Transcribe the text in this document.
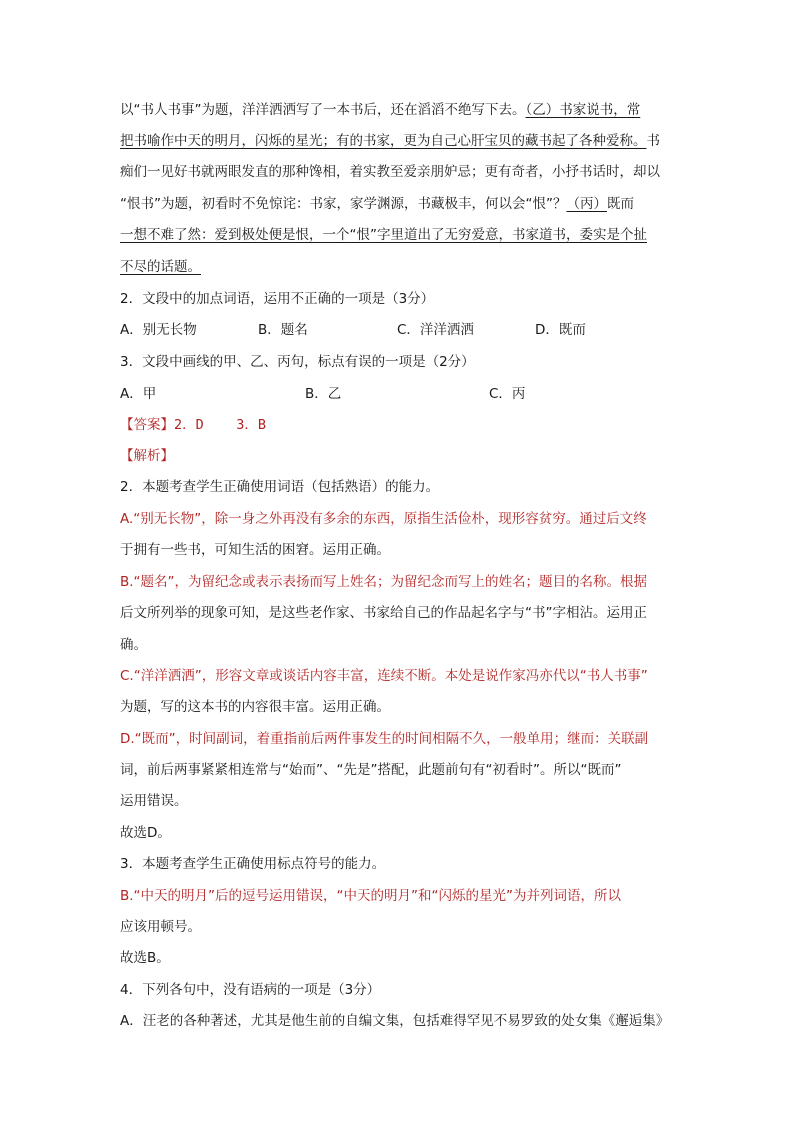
以“书人书事”为题，洋洋洒洒写了一本书后，还在滔滔不绝写下去。（乙）书家说书，常
把书喻作中天的明月，闪烁的星光；有的书家，更为自己心肝宝贝的藏书起了各种爱称。书
痴们一见好书就两眼发直的那种馋相，着实教至爱亲朋妒忌；更有奇者，小抒书话时，却以
“恨书”为题，初看时不免惊诧：书家，家学渊源，书藏极丰，何以会“恨”？（丙）既而
一想不难了然：爱到极处便是恨，一个“恨”字里道出了无穷爱意，书家道书，委实是个扯
不尽的话题。
2．文段中的加点词语，运用不正确的一项是（3分）
A．别无长物	B．题名	C．洋洋洒洒	D．既而
3．文段中画线的甲、乙、丙句，标点有误的一项是（2分）
A．甲	B．乙	C．丙
【答案】2．D    3．B
【解析】
2．本题考查学生正确使用词语（包括熟语）的能力。
A.“别无长物”，除一身之外再没有多余的东西，原指生活俭朴，现形容贫穷。通过后文终
于拥有一些书，可知生活的困窘。运用正确。
B.“题名”，为留纪念或表示表扬而写上姓名；为留纪念而写上的姓名；题目的名称。根据
后文所列举的现象可知，是这些老作家、书家给自己的作品起名字与“书”字相沾。运用正
确。
C.“洋洋洒洒”，形容文章或谈话内容丰富，连续不断。本处是说作家冯亦代以“书人书事”
为题，写的这本书的内容很丰富。运用正确。
D.“既而”，时间副词，着重指前后两件事发生的时间相隔不久，一般单用；继而：关联副
词，前后两事紧紧相连常与“始而”、“先是”搭配，此题前句有“初看时”。所以“既而”
运用错误。
故选D。
3．本题考查学生正确使用标点符号的能力。
B.“中天的明月”后的逗号运用错误，“中天的明月”和“闪烁的星光”为并列词语，所以
应该用顿号。
故选B。
4．下列各句中，没有语病的一项是（3分）
A．汪老的各种著述，尤其是他生前的自编文集，包括难得罕见不易罗致的处女集《邂逅集》
